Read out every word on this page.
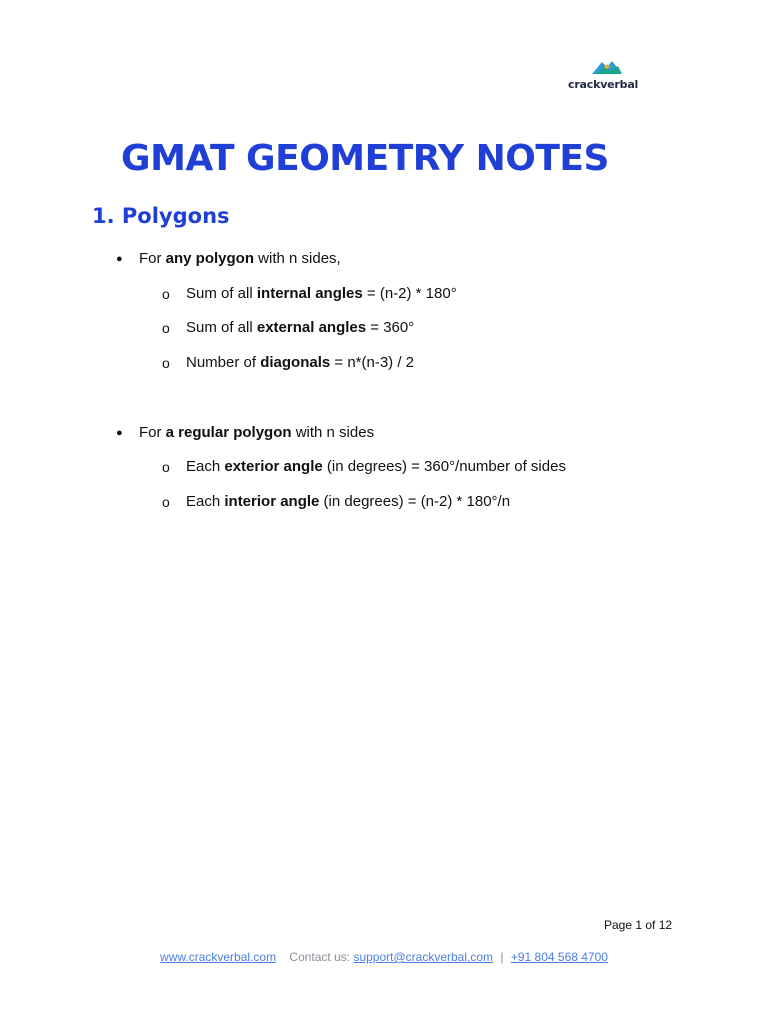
crackverbal
GMAT GEOMETRY NOTES
1. Polygons
● For any polygon with n sides,
o Sum of all internal angles = (n-2) * 180°
o Sum of all external angles = 360°
o Number of diagonals = n*(n-3) / 2
● For a regular polygon with n sides
o Each exterior angle (in degrees) = 360°/number of sides
o Each interior angle (in degrees) = (n-2) * 180°/n
Page 1 of 12
www.crackverbal.com Contact us: support@crackverbal.com | +91 804 568 4700
